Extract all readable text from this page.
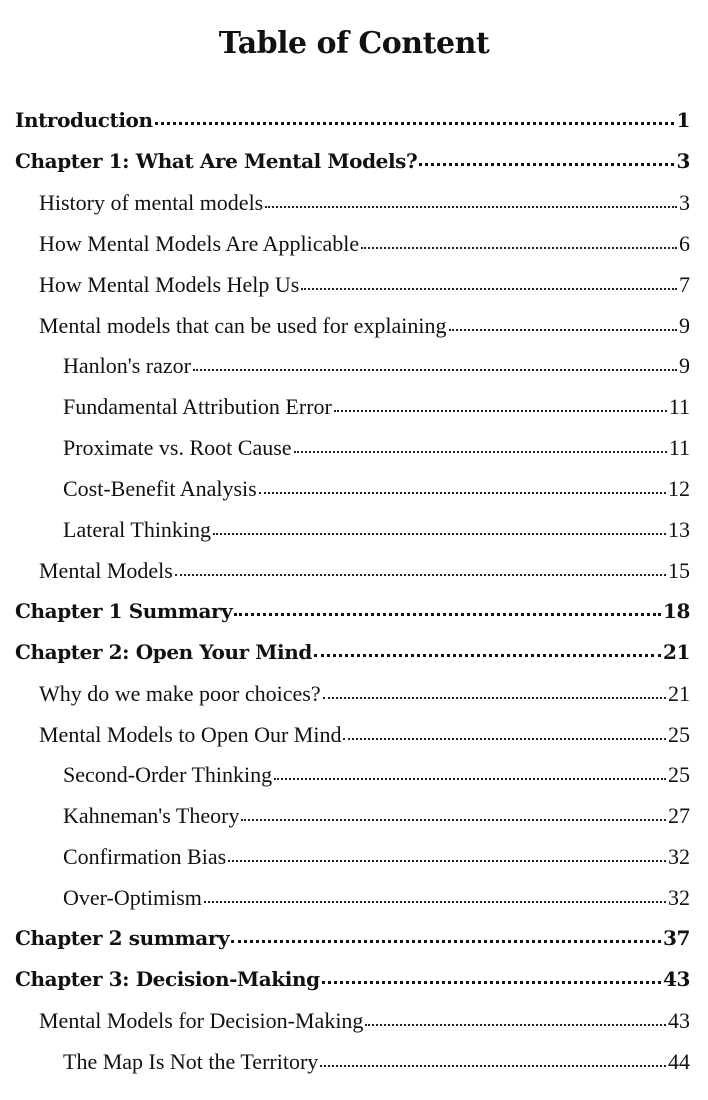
Table of Content
Introduction	1
Chapter 1: What Are Mental Models?	3
History of mental models	3
How Mental Models Are Applicable	6
How Mental Models Help Us	7
Mental models that can be used for explaining	9
Hanlon's razor	9
Fundamental Attribution Error	11
Proximate vs. Root Cause	11
Cost-Benefit Analysis	12
Lateral Thinking	13
Mental Models	15
Chapter 1 Summary	18
Chapter 2: Open Your Mind	21
Why do we make poor choices?	21
Mental Models to Open Our Mind	25
Second-Order Thinking	25
Kahneman's Theory	27
Confirmation Bias	32
Over-Optimism	32
Chapter 2 summary	37
Chapter 3: Decision-Making	43
Mental Models for Decision-Making	43
The Map Is Not the Territory	44
